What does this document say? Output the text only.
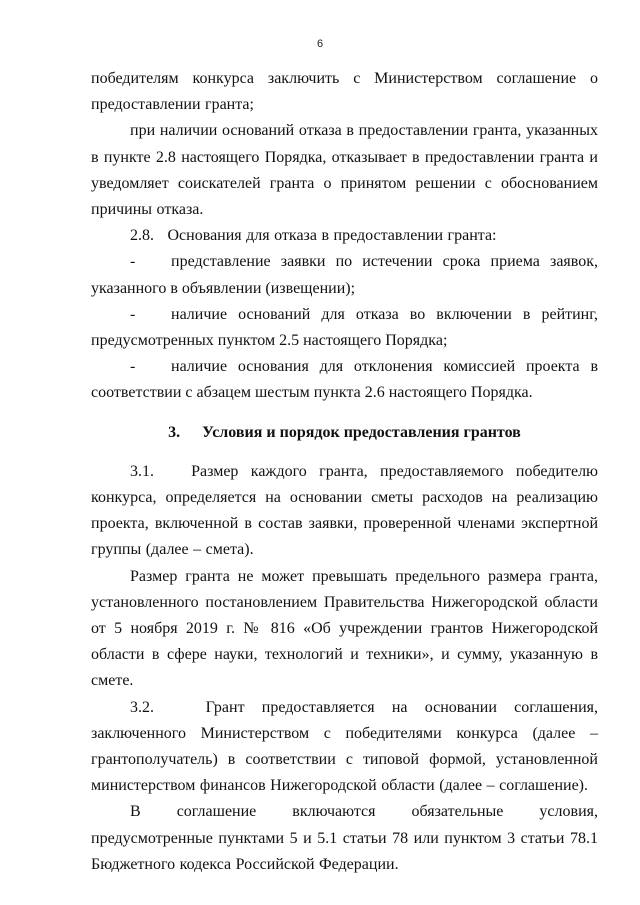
6

победителям конкурса заключить с Министерством соглашение о предоставлении гранта;

при наличии оснований отказа в предоставлении гранта, указанных в пункте 2.8 настоящего Порядка, отказывает в предоставлении гранта и уведомляет соискателей гранта о принятом решении с обоснованием причины отказа.

2.8.   Основания для отказа в предоставлении гранта:

- представление заявки по истечении срока приема заявок, указанного в объявлении (извещении);

- наличие оснований для отказа во включении в рейтинг, предусмотренных пунктом 2.5 настоящего Порядка;

- наличие основания для отклонения комиссией проекта в соответствии с абзацем шестым пункта 2.6 настоящего Порядка.

3. Условия и порядок предоставления грантов

3.1.   Размер каждого гранта, предоставляемого победителю конкурса, определяется на основании сметы расходов на реализацию проекта, включенной в состав заявки, проверенной членами экспертной группы (далее – смета).

Размер гранта не может превышать предельного размера гранта, установленного постановлением Правительства Нижегородской области от 5 ноября 2019 г. № 816 «Об учреждении грантов Нижегородской области в сфере науки, технологий и техники», и сумму, указанную в смете.

3.2.   Грант предоставляется на основании соглашения, заключенного Министерством с победителями конкурса (далее – грантополучатель) в соответствии с типовой формой, установленной министерством финансов Нижегородской области (далее – соглашение).

В соглашение включаются обязательные условия, предусмотренные пунктами 5 и 5.1 статьи 78 или пунктом 3 статьи 78.1 Бюджетного кодекса Российской Федерации.
